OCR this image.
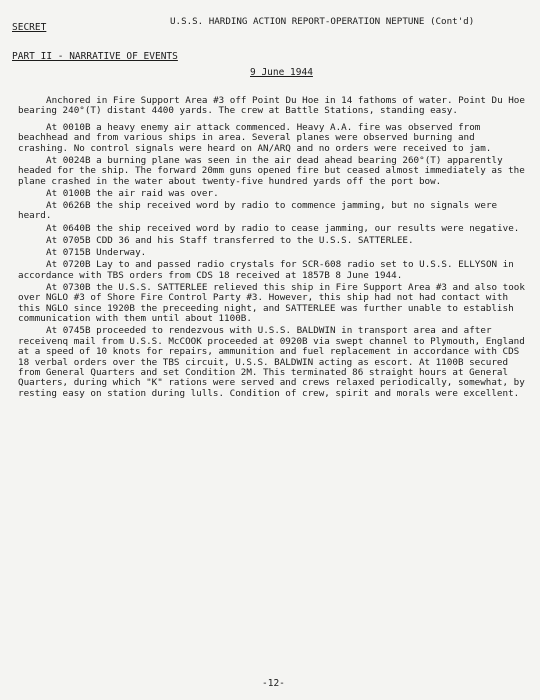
SECRET
U.S.S. HARDING ACTION REPORT-OPERATION NEPTUNE (Cont'd)
PART II - NARRATIVE OF EVENTS
9 June 1944

Anchored in Fire Support Area #3 off Point Du Hoe in 14 fathoms of water. Point Du Hoe bearing 240°(T) distant 4400 yards. The crew at Battle Stations, standing easy.

At 0010B a heavy enemy air attack commenced. Heavy A.A. fire was observed from beachhead and from various ships in area. Several planes were observed burning and crashing. No control signals were heard on AN/ARQ and no orders were received to jam.

At 0024B a burning plane was seen in the air dead ahead bearing 260°(T) apparently headed for the ship. The forward 20mm guns opened fire but ceased almost immediately as the plane crashed in the water about twenty-five hundred yards off the port bow.

At 0100B the air raid was over.

At 0626B the ship received word by radio to commence jamming, but no signals were heard.

At 0640B the ship received word by radio to cease jamming, our results were negative.

At 0705B CDD 36 and his Staff transferred to the U.S.S. SATTERLEE.

At 0715B Underway.

At 0720B Lay to and passed radio crystals for SCR-608 radio set to U.S.S. ELLYSON in accordance with TBS orders from CDS 18 received at 1857B 8 June 1944.

At 0730B the U.S.S. SATTERLEE relieved this ship in Fire Support Area #3 and also took over NGLO #3 of Shore Fire Control Party #3. However, this ship had not had contact with this NGLO since 1920B the preceeding night, and SATTERLEE was further unable to establish communication with them until about 1100B.

At 0745B proceeded to rendezvous with U.S.S. BALDWIN in transport area and after receivenq mail from U.S.S. McCOOK proceeded at 0920B via swept channel to Plymouth, England at a speed of 10 knots for repairs, ammunition and fuel replacement in accordance with CDS 18 verbal orders over the TBS circuit, U.S.S. BALDWIN acting as escort. At 1100B secured from General Quarters and set Condition 2M. This terminated 86 straight hours at General Quarters, during which "K" rations were served and crews relaxed periodically, somewhat, by resting easy on station during lulls. Condition of crew, spirit and morals were excellent.

-12-
